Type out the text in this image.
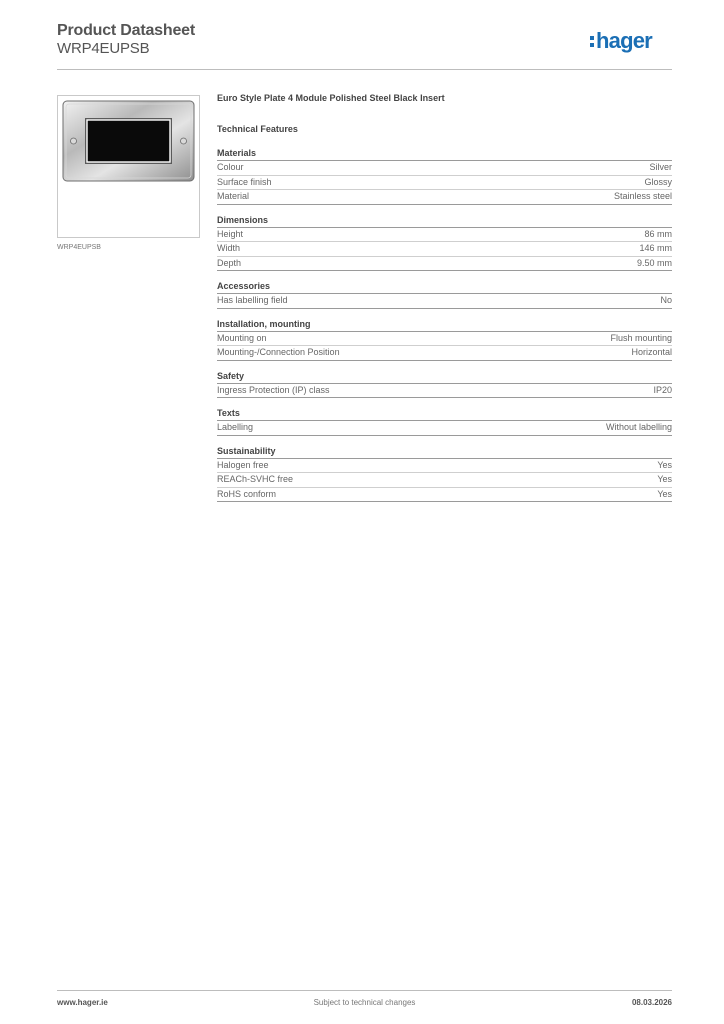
Product Datasheet
WRP4EUPSB	hager
WRP4EUPSB
Euro Style Plate 4 Module Polished Steel Black Insert
Technical Features
Materials
Colour	Silver
Surface finish	Glossy
Material	Stainless steel
Dimensions
Height	86 mm
Width	146 mm
Depth	9.50 mm
Accessories
Has labelling field	No
Installation, mounting
Mounting on	Flush mounting
Mounting-/Connection Position	Horizontal
Safety
Ingress Protection (IP) class	IP20
Texts
Labelling	Without labelling
Sustainability
Halogen free	Yes
REACh-SVHC free	Yes
RoHS conform	Yes
www.hager.ie	Subject to technical changes	08.03.2026
